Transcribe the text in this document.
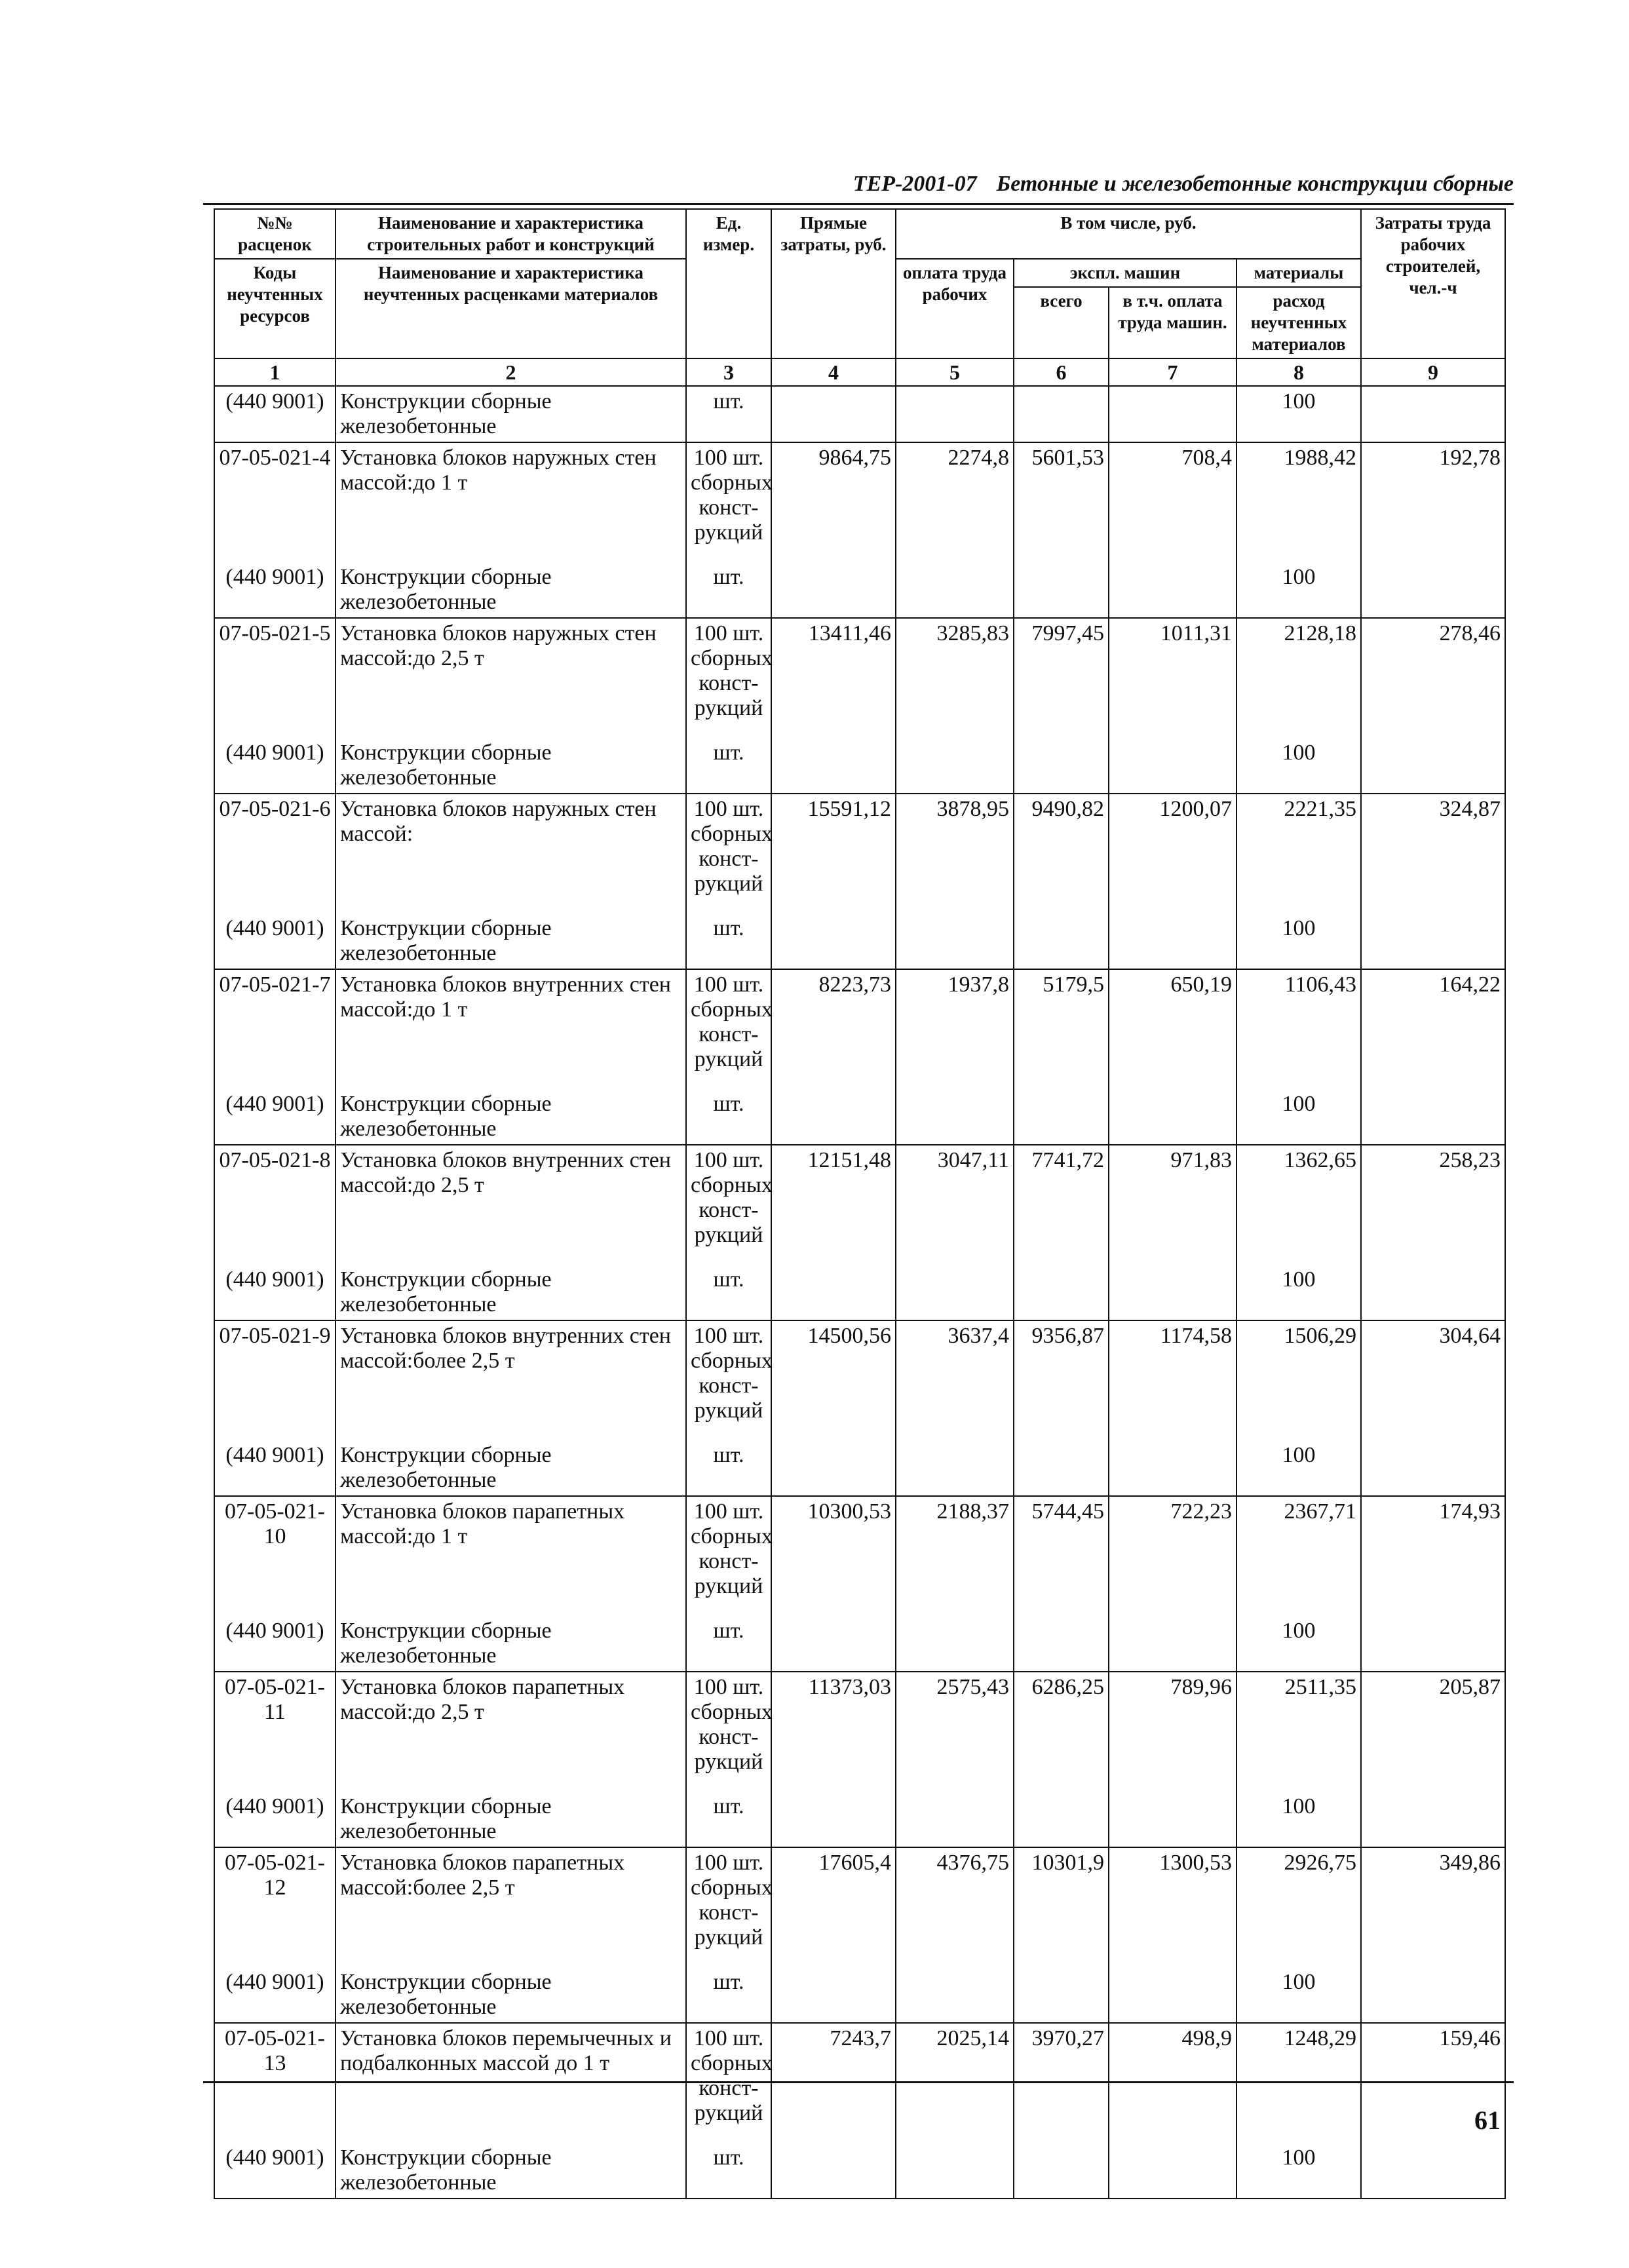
ТЕР-2001-07 Бетонные и железобетонные конструкции сборные
№№ расценок	Наименование и характеристика строительных работ и конструкций	Ед. измер.	Прямые затраты, руб.	В том числе, руб.				Затраты труда рабочих строителей, чел.-ч
Коды неучтенных ресурсов	Наименование и характеристика неучтенных расценками материалов			оплата труда рабочих	экспл. машин		материалы	
					всего	в т.ч. оплата труда машин.	расход неучтенных материалов	
1	2	3	4	5	6	7	8	9
(440 9001)	Конструкции сборные железобетонные	шт.					100	
07-05-021-4	Установка блоков наружных стен массой:до 1 т	100 шт. сборных конст-рукций	9864,75	2274,8	5601,53	708,4	1988,42	192,78
(440 9001)	Конструкции сборные железобетонные	шт.					100	
07-05-021-5	Установка блоков наружных стен массой:до 2,5 т	100 шт. сборных конст-рукций	13411,46	3285,83	7997,45	1011,31	2128,18	278,46
(440 9001)	Конструкции сборные железобетонные	шт.					100	
07-05-021-6	Установка блоков наружных стен массой:	100 шт. сборных конст-рукций	15591,12	3878,95	9490,82	1200,07	2221,35	324,87
(440 9001)	Конструкции сборные железобетонные	шт.					100	
07-05-021-7	Установка блоков внутренних стен массой:до 1 т	100 шт. сборных конст-рукций	8223,73	1937,8	5179,5	650,19	1106,43	164,22
(440 9001)	Конструкции сборные железобетонные	шт.					100	
07-05-021-8	Установка блоков внутренних стен массой:до 2,5 т	100 шт. сборных конст-рукций	12151,48	3047,11	7741,72	971,83	1362,65	258,23
(440 9001)	Конструкции сборные железобетонные	шт.					100	
07-05-021-9	Установка блоков внутренних стен массой:более 2,5 т	100 шт. сборных конст-рукций	14500,56	3637,4	9356,87	1174,58	1506,29	304,64
(440 9001)	Конструкции сборные железобетонные	шт.					100	
07-05-021-10	Установка блоков парапетных массой:до 1 т	100 шт. сборных конст-рукций	10300,53	2188,37	5744,45	722,23	2367,71	174,93
(440 9001)	Конструкции сборные железобетонные	шт.					100	
07-05-021-11	Установка блоков парапетных массой:до 2,5 т	100 шт. сборных конст-рукций	11373,03	2575,43	6286,25	789,96	2511,35	205,87
(440 9001)	Конструкции сборные железобетонные	шт.					100	
07-05-021-12	Установка блоков парапетных массой:более 2,5 т	100 шт. сборных конст-рукций	17605,4	4376,75	10301,9	1300,53	2926,75	349,86
(440 9001)	Конструкции сборные железобетонные	шт.					100	
07-05-021-13	Установка блоков перемычечных и подбалконных массой до 1 т	100 шт. сборных конст-рукций	7243,7	2025,14	3970,27	498,9	1248,29	159,46
(440 9001)	Конструкции сборные железобетонные	шт.					100	
61
